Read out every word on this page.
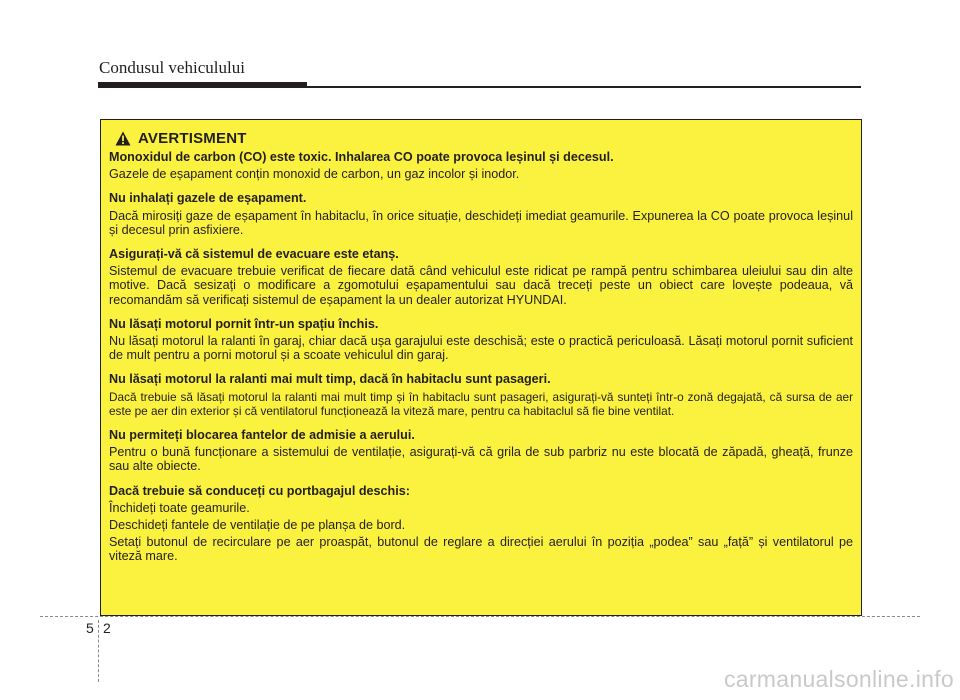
Condusul vehiculului
AVERTISMENT

Monoxidul de carbon (CO) este toxic. Inhalarea CO poate provoca leșinul și decesul.

Gazele de eșapament conțin monoxid de carbon, un gaz incolor și inodor.

Nu inhalați gazele de eșapament.

Dacă mirosiți gaze de eșapament în habitaclu, în orice situație, deschideți imediat geamurile. Expunerea la CO poate provoca leșinul și decesul prin asfixiere.

Asigurați-vă că sistemul de evacuare este etanș.

Sistemul de evacuare trebuie verificat de fiecare dată când vehiculul este ridicat pe rampă pentru schimbarea uleiului sau din alte motive. Dacă sesizați o modificare a zgomotului eșapamentului sau dacă treceți peste un obiect care lovește podeaua, vă recomandăm să verificați sistemul de eșapament la un dealer autorizat HYUNDAI.

Nu lăsați motorul pornit într-un spațiu închis.

Nu lăsați motorul la ralanti în garaj, chiar dacă ușa garajului este deschisă; este o practică periculoasă. Lăsați motorul pornit suficient de mult pentru a porni motorul și a scoate vehiculul din garaj.

Nu lăsați motorul la ralanti mai mult timp, dacă în habitaclu sunt pasageri.

Dacă trebuie să lăsați motorul la ralanti mai mult timp și în habitaclu sunt pasageri, asigurați-vă sunteți într-o zonă degajată, că sursa de aer este pe aer din exterior și că ventilatorul funcționează la viteză mare, pentru ca habitaclul să fie bine ventilat.

Nu permiteți blocarea fantelor de admisie a aerului.

Pentru o bună funcționare a sistemului de ventilație, asigurați-vă că grila de sub parbriz nu este blocată de zăpadă, gheață, frunze sau alte obiecte.

Dacă trebuie să conduceți cu portbagajul deschis:

Închideți toate geamurile.

Deschideți fantele de ventilație de pe planșa de bord.

Setați butonul de recirculare pe aer proaspăt, butonul de reglare a direcției aerului în poziția „podea” sau „față” și ventilatorul pe viteză mare.

5 2
carmanualsonline.info
